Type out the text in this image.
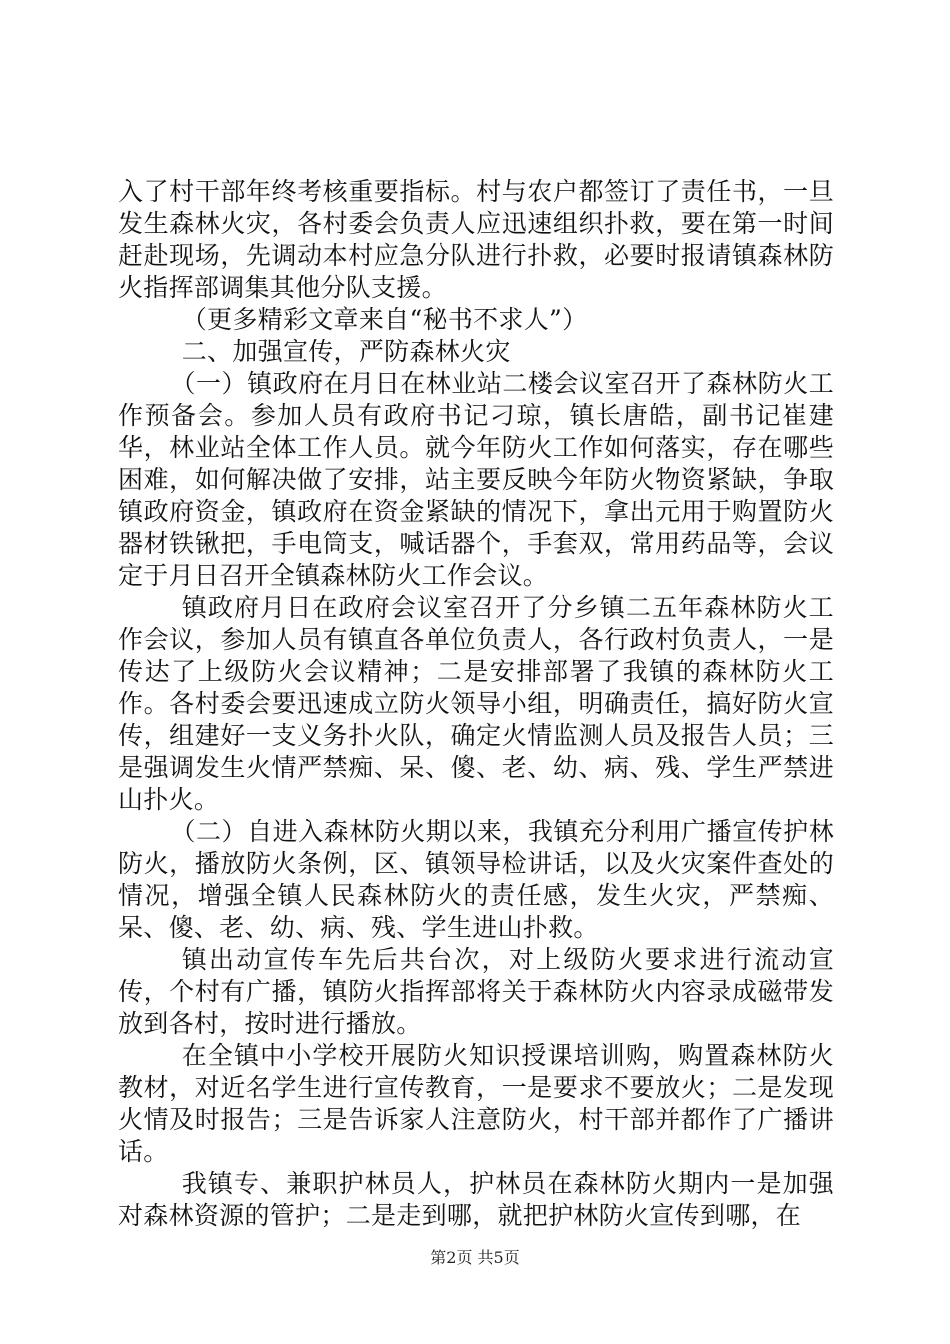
入了村干部年终考核重要指标。村与农户都签订了责任书，一旦发生森林火灾，各村委会负责人应迅速组织扑救，要在第一时间赶赴现场，先调动本村应急分队进行扑救，必要时报请镇森林防火指挥部调集其他分队支援。

（更多精彩文章来自“秘书不求人”）

二、加强宣传，严防森林火灾

（一）镇政府在月日在林业站二楼会议室召开了森林防火工作预备会。参加人员有政府书记刁琼，镇长唐皓，副书记崔建华，林业站全体工作人员。就今年防火工作如何落实，存在哪些困难，如何解决做了安排，站主要反映今年防火物资紧缺，争取镇政府资金，镇政府在资金紧缺的情况下，拿出元用于购置防火器材铁锹把，手电筒支，喊话器个，手套双，常用药品等，会议定于月日召开全镇森林防火工作会议。

镇政府月日在政府会议室召开了分乡镇二五年森林防火工作会议，参加人员有镇直各单位负责人，各行政村负责人，一是传达了上级防火会议精神；二是安排部署了我镇的森林防火工作。各村委会要迅速成立防火领导小组，明确责任，搞好防火宣传，组建好一支义务扑火队，确定火情监测人员及报告人员；三是强调发生火情严禁痴、呆、傻、老、幼、病、残、学生严禁进山扑火。

（二）自进入森林防火期以来，我镇充分利用广播宣传护林防火，播放防火条例，区、镇领导检讲话，以及火灾案件查处的情况，增强全镇人民森林防火的责任感，发生火灾，严禁痴、呆、傻、老、幼、病、残、学生进山扑救。

镇出动宣传车先后共台次，对上级防火要求进行流动宣传，个村有广播，镇防火指挥部将关于森林防火内容录成磁带发放到各村，按时进行播放。

在全镇中小学校开展防火知识授课培训购，购置森林防火教材，对近名学生进行宣传教育，一是要求不要放火；二是发现火情及时报告；三是告诉家人注意防火，村干部并都作了广播讲话。

我镇专、兼职护林员人，护林员在森林防火期内一是加强对森林资源的管护；二是走到哪，就把护林防火宣传到哪，在

第2页 共5页
